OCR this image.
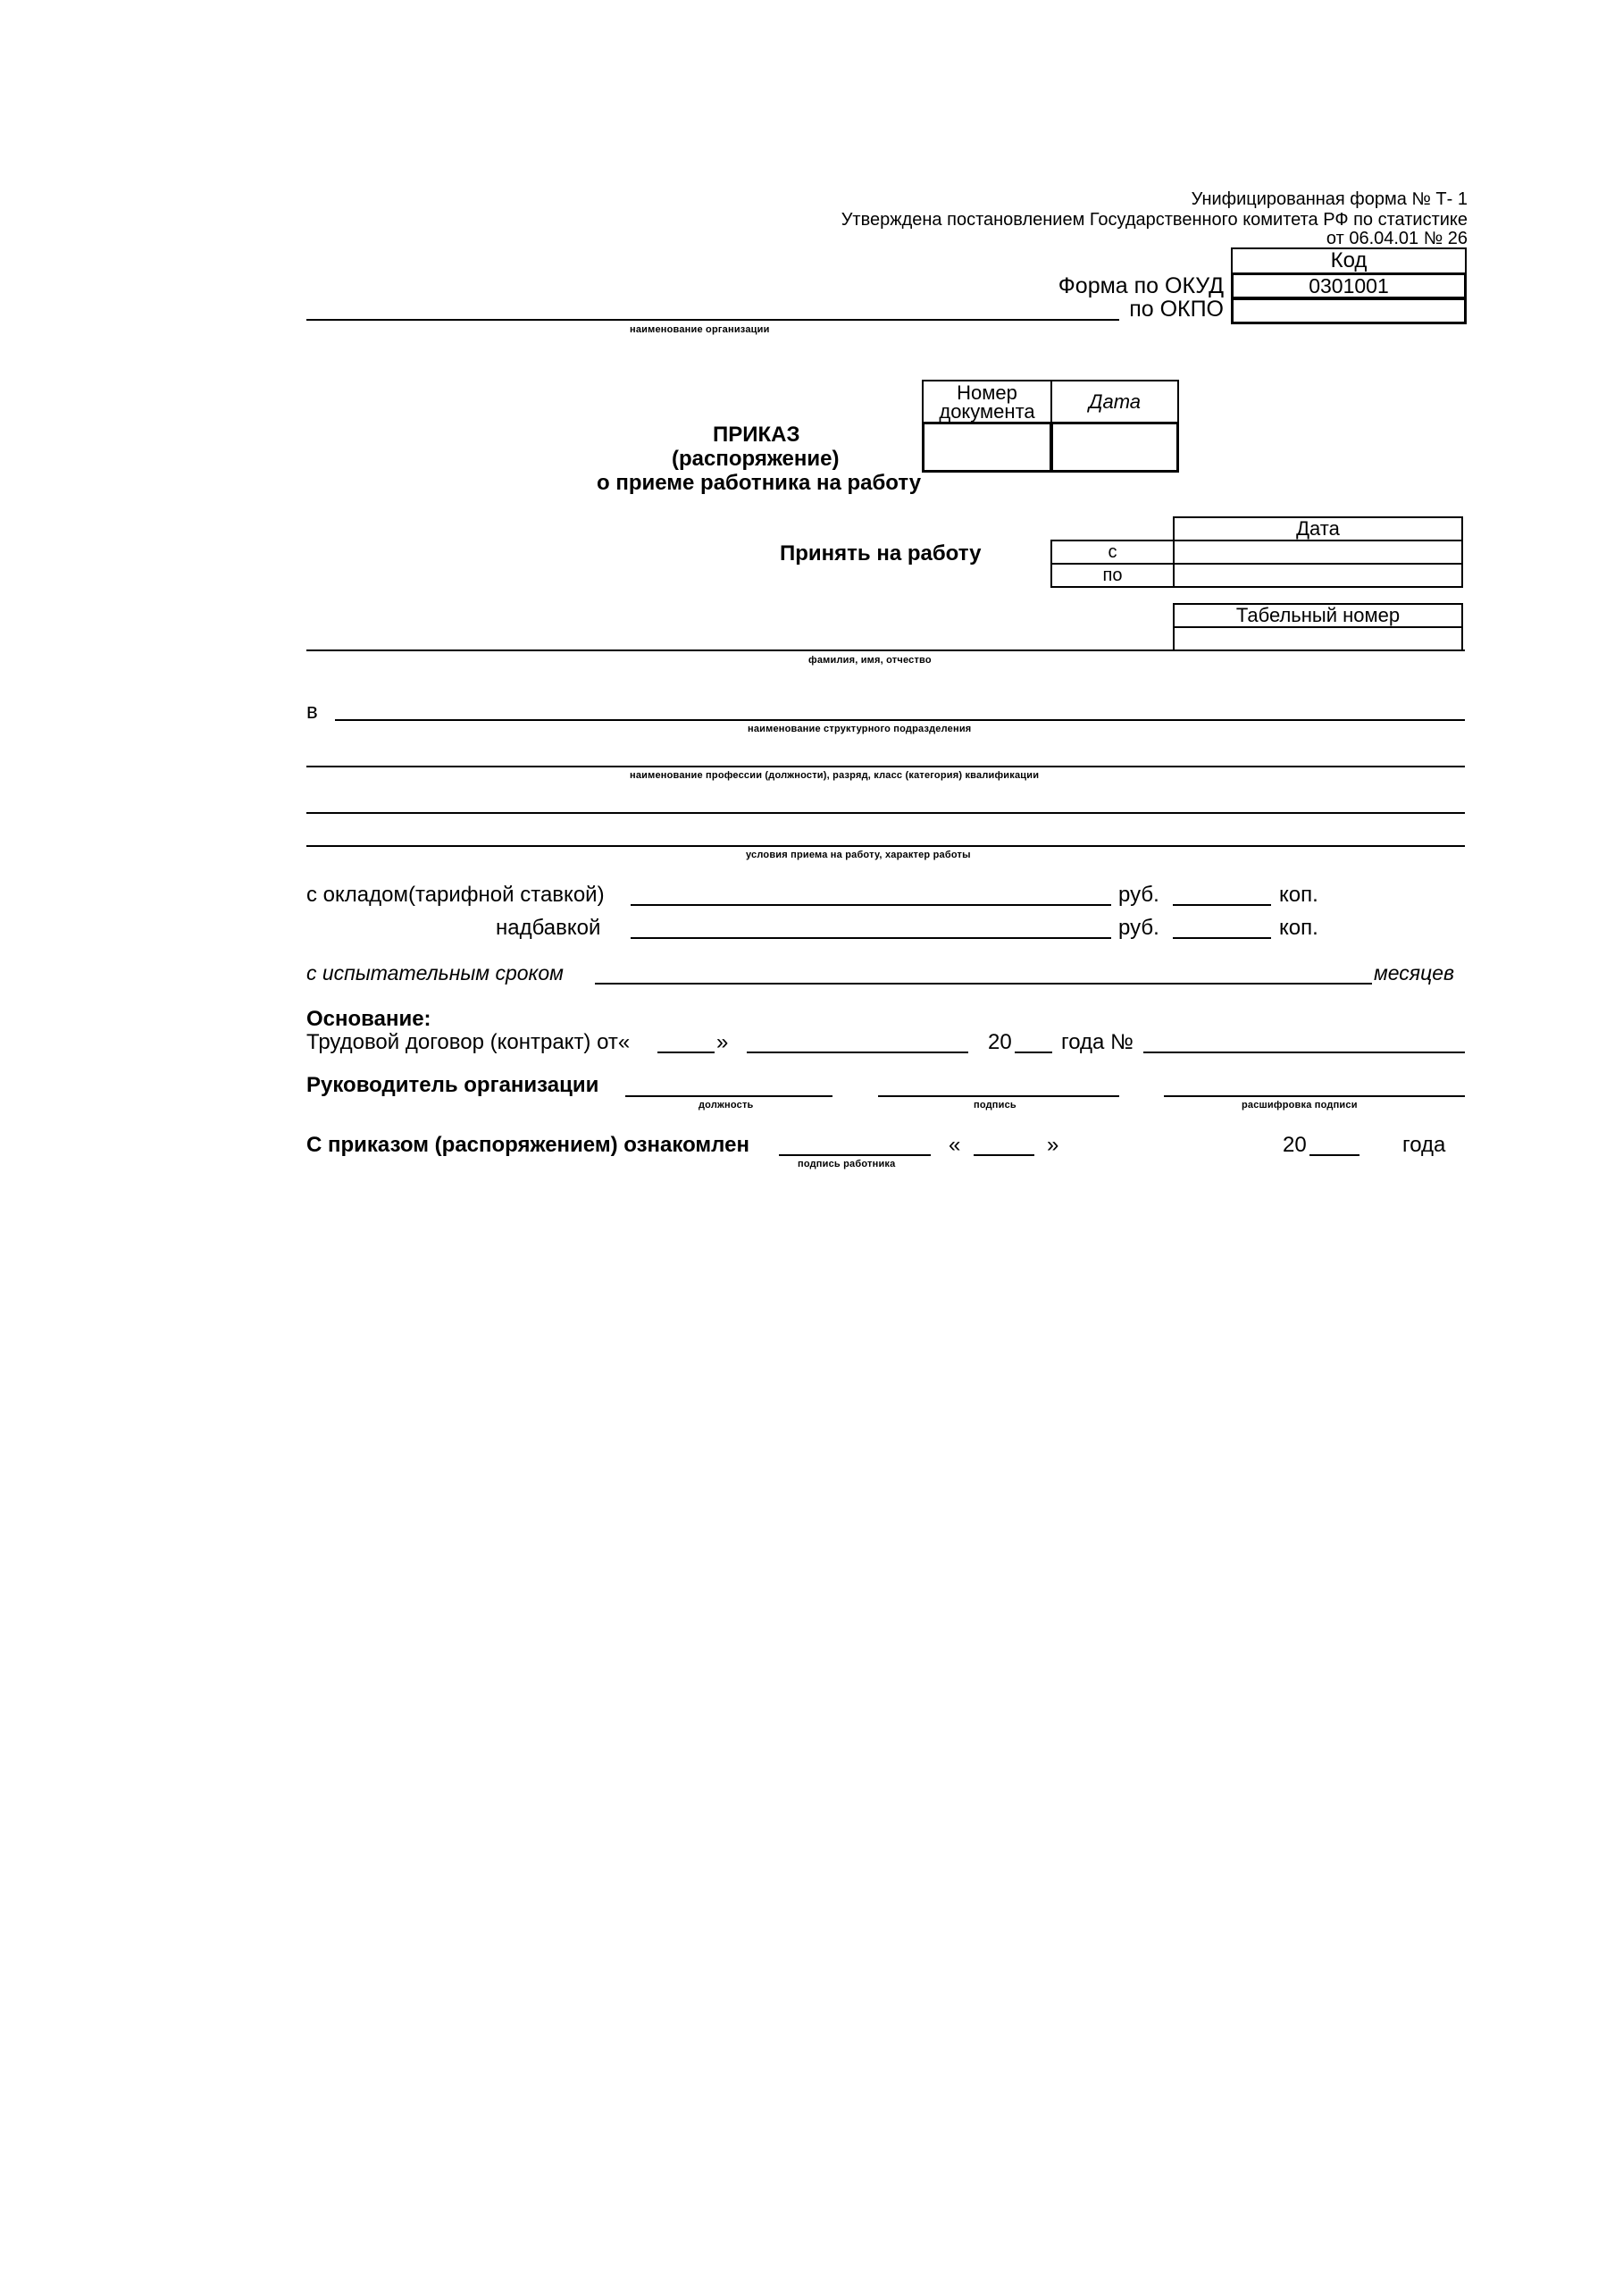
Унифицированная форма № Т- 1
Утверждена постановлением Государственного комитета РФ по статистике
от 06.04.01 № 26
Код
0301001
Форма по ОКУД
по ОКПО
наименование организации
Номер документа	Дата
ПРИКАЗ
(распоряжение)
о приеме работника на работу
Принять на работу
Дата
с
по
Табельный номер
фамилия, имя, отчество
в
наименование структурного подразделения
наименование профессии (должности), разряд, класс (категория) квалификации
условия приема на работу, характер работы
с окладом(тарифной ставкой)	руб.	коп.
надбавкой	руб.	коп.
с испытательным сроком	месяцев
Основание:
Трудовой договор (контракт) от«	»	20 года №
Руководитель организации
должность	подпись	расшифровка подписи
С приказом (распоряжением) ознакомлен
подпись работника
«	»	20	года
